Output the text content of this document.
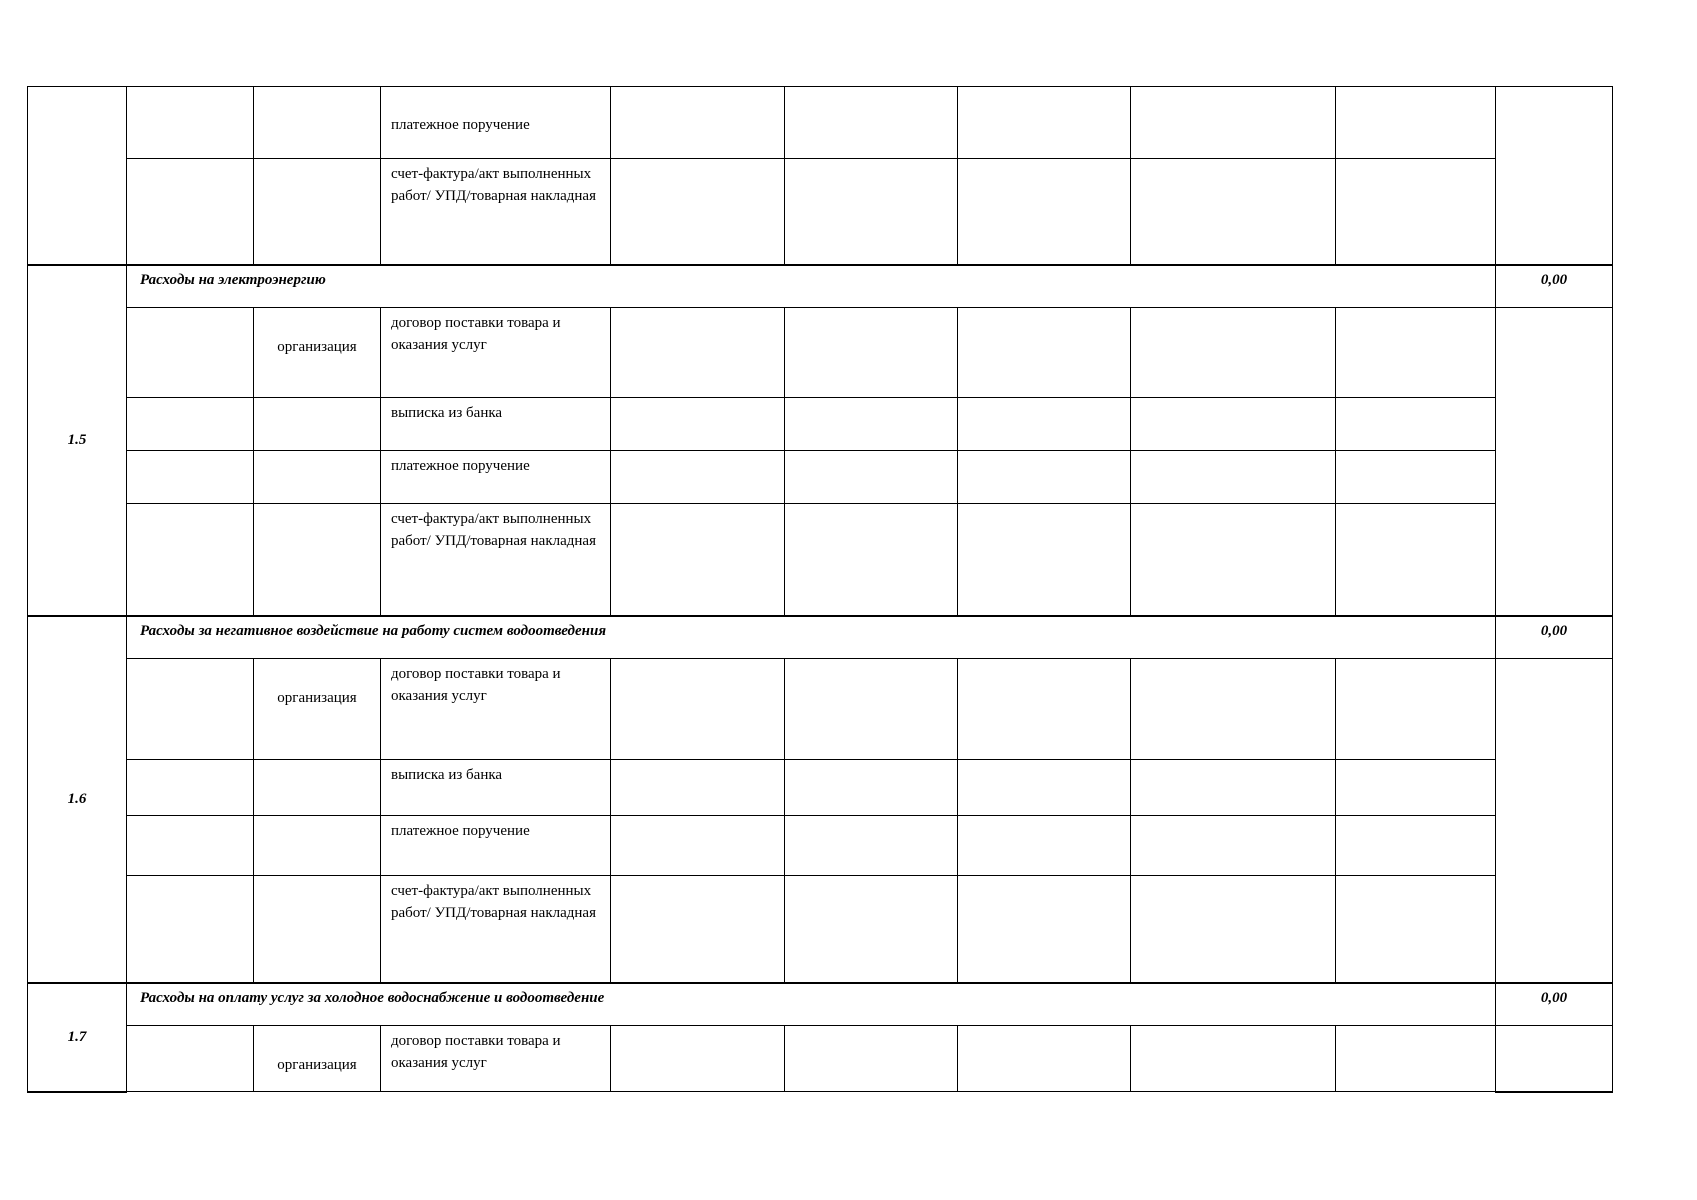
			платежное поручение						
			счет-фактура/акт выполненных работ/ УПД/товарная накладная						
1.5	Расходы на электроэнергию								0,00
		организация	договор поставки товара и оказания услуг						
			выписка из банка						
			платежное поручение						
			счет-фактура/акт выполненных работ/ УПД/товарная накладная						
1.6	Расходы за негативное воздействие на работу систем водоотведения								0,00
		организация	договор поставки товара и оказания услуг						
			выписка из банка						
			платежное поручение						
			счет-фактура/акт выполненных работ/ УПД/товарная накладная						
1.7	Расходы на оплату услуг за холодное водоснабжение и водоотведение								0,00
		организация	договор поставки товара и оказания услуг						
